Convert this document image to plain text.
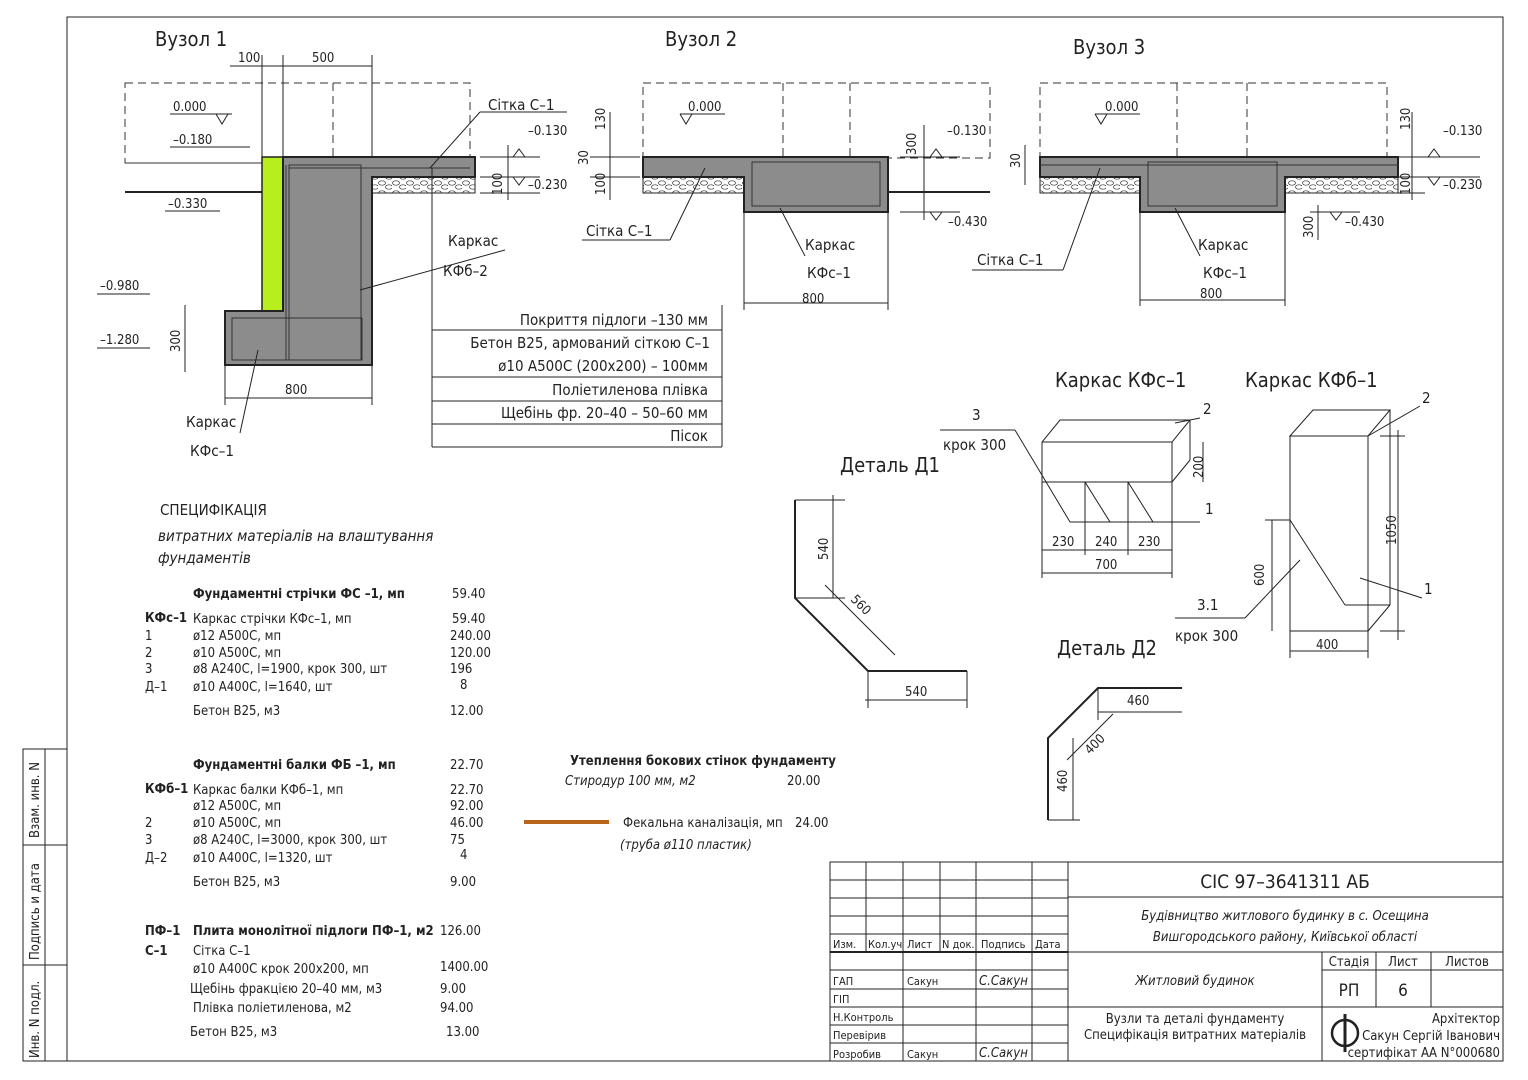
Взам. инв. N
Подпись и дата
Инв. N подл.
Вузол 1
100	500
0.000
–0.180
–0.330
–0.980
–1.280 300
800
Сітка С–1
Каркас
КФб–2
Каркас
КФс–1
Покриття підлоги –130 мм
Бетон В25, армований сіткою С–1
ø10 А500С (200х200) – 100мм
Поліетиленова плівка
Щебінь фр. 20–40 – 50–60 мм
Пісок
–0.130
–0.230
100
Вузол 2
0.000
130
30
100
300
–0.130
–0.430
800
Сітка С–1
Каркас
КФс–1
Вузол 3
0.000
30
130
100
–0.130
–0.230
300 –0.430
800
Сітка С–1
Каркас
КФс–1
Деталь Д1
540
560
540
Деталь Д2
460
400
460
Каркас КФс–1
3
крок 300
2
200
1
230 240 230
700
Каркас КФб–1
2
1050
600
1
3.1
крок 300
400
СПЕЦИФІКАЦІЯ
витратних матеріалів на влаштування
фундаментів
Фундаментні стрічки ФС –1, мп	59.40
КФс–1 Каркас стрічки КФс–1, мп	59.40
1	ø12 А500С, мп	240.00
2	ø10 А500С, мп	120.00
3	ø8 А240С, l=1900, крок 300, шт	196
Д–1 ø10 А400С, l=1640, шт	8
Бетон В25, м3	12.00
Фундаментні балки ФБ –1, мп	22.70
КФб–1 Каркас балки КФб–1, мп	22.70
ø12 А500С, мп	92.00
2	ø10 А500С, мп	46.00
3	ø8 А240С, l=3000, крок 300, шт	75
Д–2 ø10 А400С, l=1320, шт	4
Бетон В25, м3	9.00
ПФ–1 Плита монолітної підлоги ПФ–1, м2 126.00
С–1 Сітка С–1
ø10 А400С крок 200х200, мп	1400.00
Щебінь фракцією 20–40 мм, м3	9.00
Плівка поліетиленова, м2	94.00
Бетон В25, м3	13.00
Утеплення бокових стінок фундаменту
Стиродур 100 мм, м2	20.00
Фекальна каналізація, мп 24.00
(труба ø110 пластик)
Изм. Кол.уч Лист N док. Подпись Дата
ГАП
ГІП
Н.Контроль
Перевірив
Розробив
Сакун
Сакун
С.Сакун
С.Сакун
СІС 97–3641311 АБ
Будівництво житлового будинку в с. Осещина
Вишгородського району, Київської області
Житловий будинок
Вузли та деталі фундаменту
Специфікація витратних матеріалів
Стадія Лист Листов
РП 6
Архітектор
Сакун Сергій Іванович
сертифікат АА N°000680
